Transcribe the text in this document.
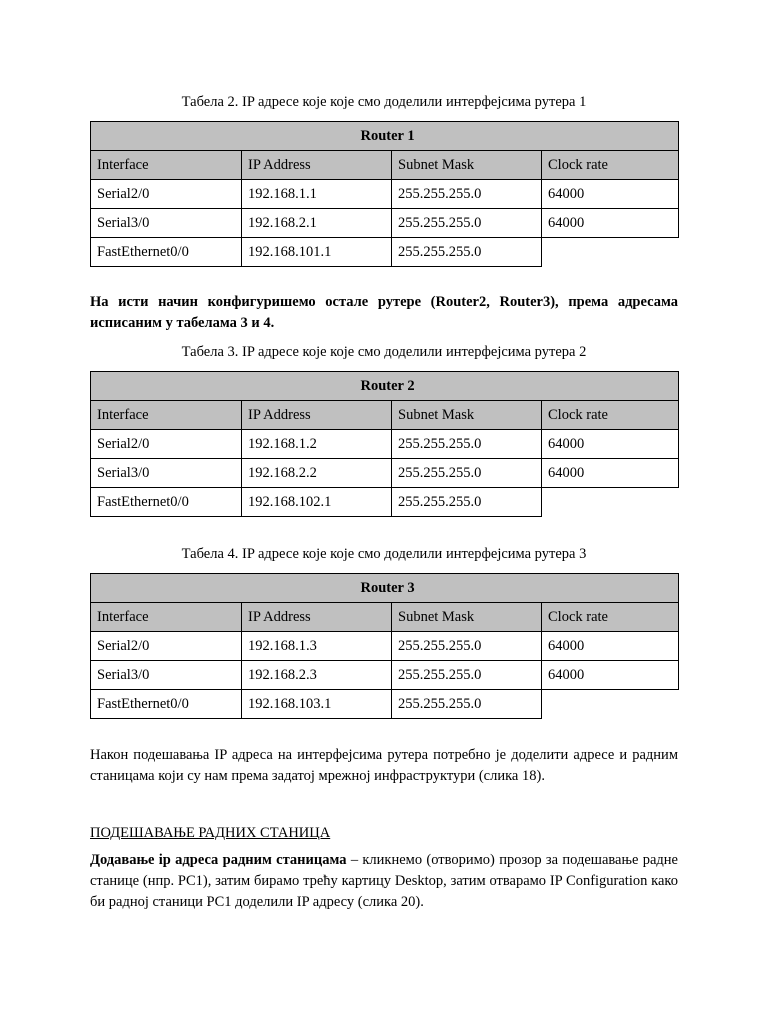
Табела 2. IP адресе које које смо доделили интерфејсима рутера 1
Router 1			
Interface	IP Address	Subnet Mask	Clock rate
Serial2/0	192.168.1.1	255.255.255.0	64000
Serial3/0	192.168.2.1	255.255.255.0	64000
FastEthernet0/0	192.168.101.1	255.255.255.0	

На исти начин конфигуришемо остале рутере (Router2, Router3), према адресама исписаним у табелама 3 и 4.

Табела 3. IP адресе које које смо доделили интерфејсима рутера 2
Router 2			
Interface	IP Address	Subnet Mask	Clock rate
Serial2/0	192.168.1.2	255.255.255.0	64000
Serial3/0	192.168.2.2	255.255.255.0	64000
FastEthernet0/0	192.168.102.1	255.255.255.0	
Табела 4. IP адресе које које смо доделили интерфејсима рутера 3
Router 3			
Interface	IP Address	Subnet Mask	Clock rate
Serial2/0	192.168.1.3	255.255.255.0	64000
Serial3/0	192.168.2.3	255.255.255.0	64000
FastEthernet0/0	192.168.103.1	255.255.255.0	

Након подешавања IP адреса на интерфејсима рутера потребно је доделити адресе и радним станицама који су нам према задатој мрежној инфраструктури (слика 18).

ПОДЕШАВАЊЕ РАДНИХ СТАНИЦА

Додавање ip адреса радним станицама – кликнемо (отворимо) прозор за подешавање радне станице (нпр. PC1), затим бирамо трећу картицу Desktop, затим отварамо IP Configuration како би радној станици PC1 доделили IP адресу (слика 20).
